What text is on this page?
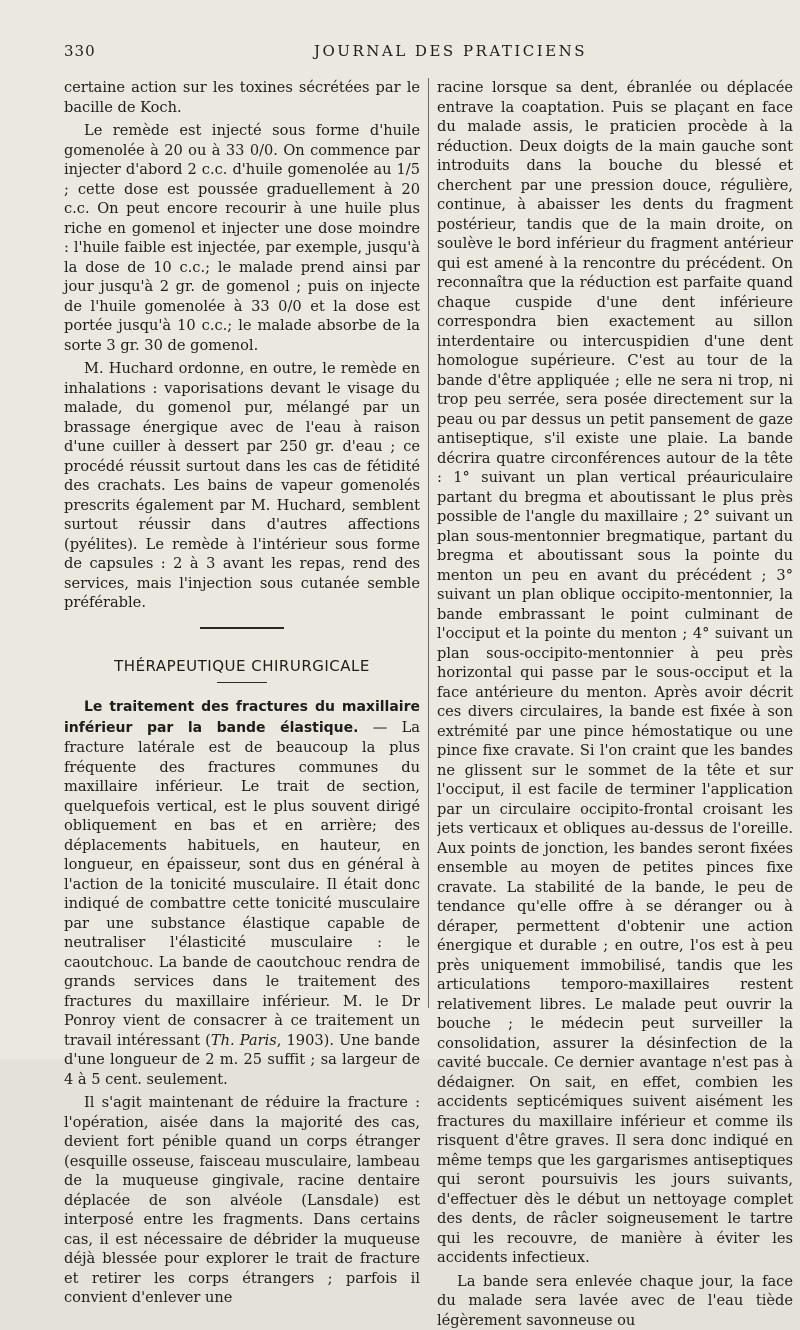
330	JOURNAL DES PRATICIENS

certaine action sur les toxines sécrétées par le bacille de Koch.

Le remède est injecté sous forme d'huile gomenolée à 20 ou à 33 0/0. On commence par injecter d'abord 2 c.c. d'huile gomenolée au 1/5 ; cette dose est poussée graduellement à 20 c.c. On peut encore recourir à une huile plus riche en gomenol et injecter une dose moindre : l'huile faible est injectée, par exemple, jusqu'à la dose de 10 c.c.; le malade prend ainsi par jour jusqu'à 2 gr. de gomenol ; puis on injecte de l'huile gomenolée à 33 0/0 et la dose est portée jusqu'à 10 c.c.; le malade absorbe de la sorte 3 gr. 30 de gomenol.

M. Huchard ordonne, en outre, le remède en inhalations : vaporisations devant le visage du malade, du gomenol pur, mélangé par un brassage énergique avec de l'eau à raison d'une cuiller à dessert par 250 gr. d'eau ; ce procédé réussit surtout dans les cas de fétidité des crachats. Les bains de vapeur gomenolés prescrits également par M. Huchard, semblent surtout réussir dans d'autres affections (pyélites). Le remède à l'intérieur sous forme de capsules : 2 à 3 avant les repas, rend des services, mais l'injection sous cutanée semble préférable.

THÉRAPEUTIQUE CHIRURGICALE

Le traitement des fractures du maxillaire inférieur par la bande élastique. — La fracture latérale est de beaucoup la plus fréquente des fractures communes du maxillaire inférieur. Le trait de section, quelquefois vertical, est le plus souvent dirigé obliquement en bas et en arrière; des déplacements habituels, en hauteur, en longueur, en épaisseur, sont dus en général à l'action de la tonicité musculaire. Il était donc indiqué de combattre cette tonicité musculaire par une substance élastique capable de neutraliser l'élasticité musculaire : le caoutchouc. La bande de caoutchouc rendra de grands services dans le traitement des fractures du maxillaire inférieur. M. le Dr Ponroy vient de consacrer à ce traitement un travail intéressant (Th. Paris, 1903). Une bande d'une longueur de 2 m. 25 suffit ; sa largeur de 4 à 5 cent. seulement.

Il s'agit maintenant de réduire la fracture : l'opération, aisée dans la majorité des cas, devient fort pénible quand un corps étranger (esquille osseuse, faisceau musculaire, lambeau de la muqueuse gingivale, racine dentaire déplacée de son alvéole (Lansdale) est interposé entre les fragments. Dans certains cas, il est nécessaire de débrider la muqueuse déjà blessée pour explorer le trait de fracture et retirer les corps étrangers ; parfois il convient d'enlever une

racine lorsque sa dent, ébranlée ou déplacée entrave la coaptation. Puis se plaçant en face du malade assis, le praticien procède à la réduction. Deux doigts de la main gauche sont introduits dans la bouche du blessé et cherchent par une pression douce, régulière, continue, à abaisser les dents du fragment postérieur, tandis que de la main droite, on soulève le bord inférieur du fragment antérieur qui est amené à la rencontre du précédent. On reconnaîtra que la réduction est parfaite quand chaque cuspide d'une dent inférieure correspondra bien exactement au sillon interdentaire ou intercuspidien d'une dent homologue supérieure. C'est au tour de la bande d'être appliquée ; elle ne sera ni trop, ni trop peu serrée, sera posée directement sur la peau ou par dessus un petit pansement de gaze antiseptique, s'il existe une plaie. La bande décrira quatre circonférences autour de la tête : 1° suivant un plan vertical préauriculaire partant du bregma et aboutissant le plus près possible de l'angle du maxillaire ; 2° suivant un plan sous-mentonnier bregmatique, partant du bregma et aboutissant sous la pointe du menton un peu en avant du précédent ; 3° suivant un plan oblique occipito-mentonnier, la bande embrassant le point culminant de l'occiput et la pointe du menton ; 4° suivant un plan sous-occipito-mentonnier à peu près horizontal qui passe par le sous-occiput et la face antérieure du menton. Après avoir décrit ces divers circulaires, la bande est fixée à son extrémité par une pince hémostatique ou une pince fixe cravate. Si l'on craint que les bandes ne glissent sur le sommet de la tête et sur l'occiput, il est facile de terminer l'application par un circulaire occipito-frontal croisant les jets verticaux et obliques au-dessus de l'oreille. Aux points de jonction, les bandes seront fixées ensemble au moyen de petites pinces fixe cravate. La stabilité de la bande, le peu de tendance qu'elle offre à se déranger ou à déraper, permettent d'obtenir une action énergique et durable ; en outre, l'os est à peu près uniquement immobilisé, tandis que les articulations temporo-maxillaires restent relativement libres. Le malade peut ouvrir la bouche ; le médecin peut surveiller la consolidation, assurer la désinfection de la cavité buccale. Ce dernier avantage n'est pas à dédaigner. On sait, en effet, combien les accidents septicémiques suivent aisément les fractures du maxillaire inférieur et comme ils risquent d'être graves. Il sera donc indiqué en même temps que les gargarismes antiseptiques qui seront poursuivis les jours suivants, d'effectuer dès le début un nettoyage complet des dents, de râcler soigneusement le tartre qui les recouvre, de manière à éviter les accidents infectieux.

La bande sera enlevée chaque jour, la face du malade sera lavée avec de l'eau tiède légèrement savonneuse ou
